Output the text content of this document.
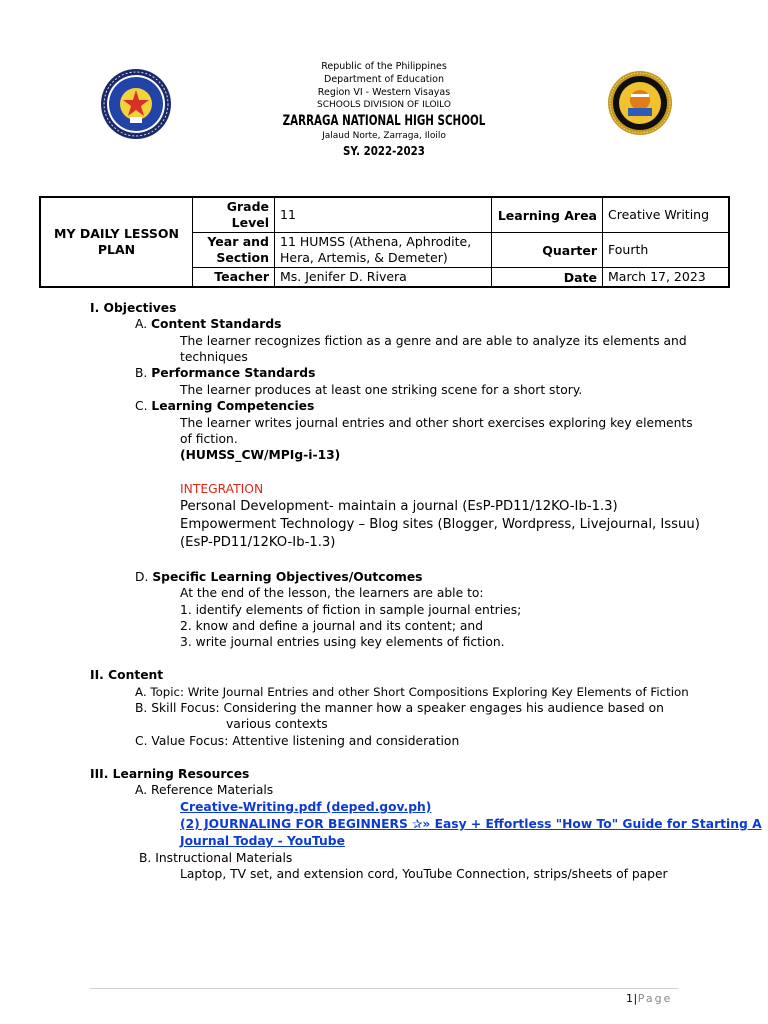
Republic of the Philippines
Department of Education
Region VI - Western Visayas
SCHOOLS DIVISION OF ILOILO
ZARRAGA NATIONAL HIGH SCHOOL
Jalaud Norte, Zarraga, Iloilo
SY. 2022-2023
MY DAILY LESSON PLAN	Grade Level	11	Learning Area	Creative Writing
	Year and Section	11 HUMSS (Athena, Aphrodite, Hera, Artemis, & Demeter)	Quarter	Fourth
	Teacher	Ms. Jenifer D. Rivera	Date	March 17, 2023
I. Objectives
A. Content Standards
The learner recognizes fiction as a genre and are able to analyze its elements and
techniques
B. Performance Standards
The learner produces at least one striking scene for a short story.
C. Learning Competencies
The learner writes journal entries and other short exercises exploring key elements
of fiction.
(HUMSS_CW/MPIg-i-13)
INTEGRATION
Personal Development- maintain a journal (EsP-PD11/12KO-Ib-1.3)
Empowerment Technology – Blog sites (Blogger, Wordpress, Livejournal, Issuu)
(EsP-PD11/12KO-Ib-1.3)
D. Specific Learning Objectives/Outcomes
At the end of the lesson, the learners are able to:
1. identify elements of fiction in sample journal entries;
2. know and define a journal and its content; and
3. write journal entries using key elements of fiction.
II. Content
A. Topic: Write Journal Entries and other Short Compositions Exploring Key Elements of Fiction
B. Skill Focus: Considering the manner how a speaker engages his audience based on
various contexts
C. Value Focus: Attentive listening and consideration
III. Learning Resources
A. Reference Materials
Creative-Writing.pdf (deped.gov.ph)
(2) JOURNALING FOR BEGINNERS ✰» Easy + Effortless "How To" Guide for Starting A
Journal Today - YouTube
B. Instructional Materials
Laptop, TV set, and extension cord, YouTube Connection, strips/sheets of paper
1|Page
